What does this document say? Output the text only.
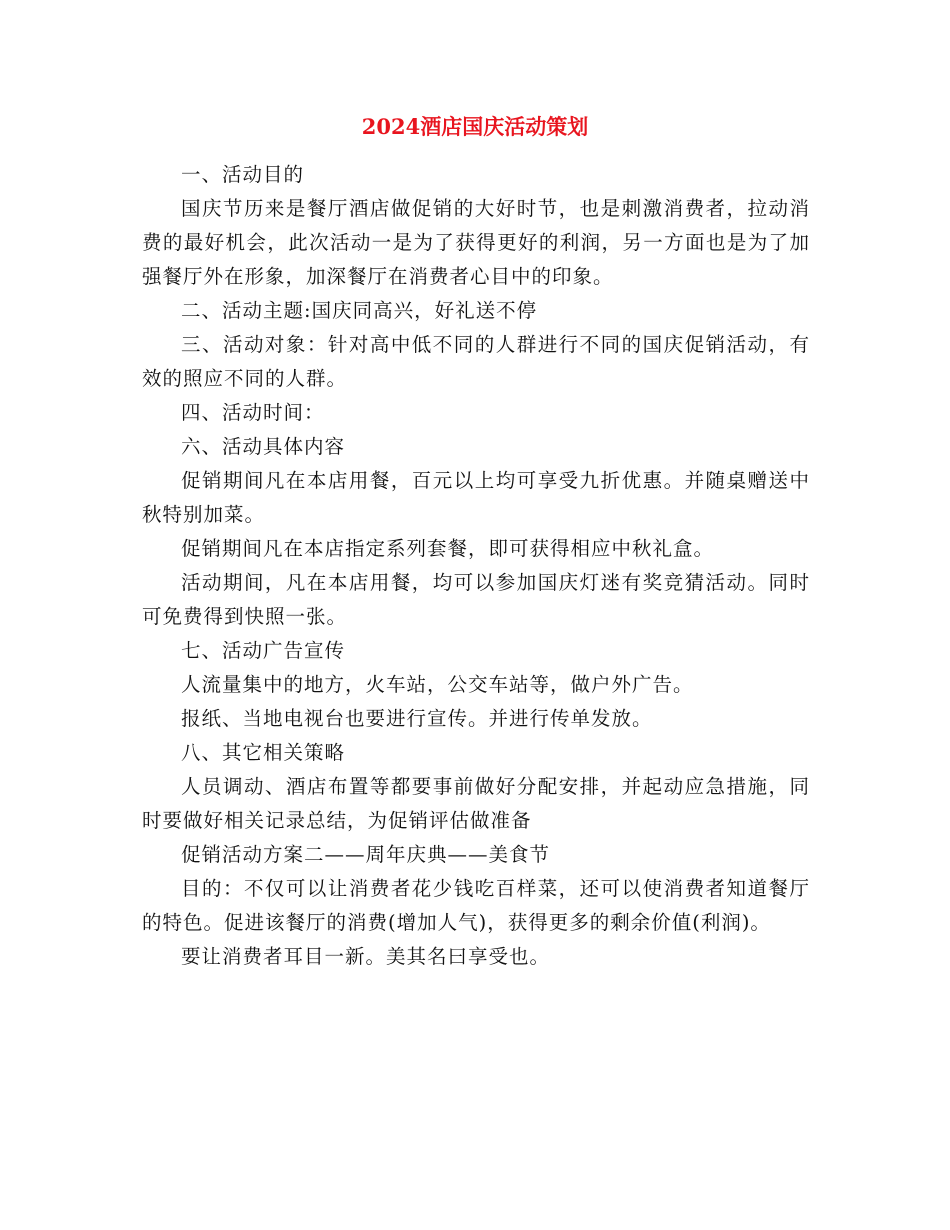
2024酒店国庆活动策划

一、活动目的

国庆节历来是餐厅酒店做促销的大好时节，也是刺激消费者，拉动消费的最好机会，此次活动一是为了获得更好的利润，另一方面也是为了加强餐厅外在形象，加深餐厅在消费者心目中的印象。

二、活动主题:国庆同高兴，好礼送不停

三、活动对象：针对高中低不同的人群进行不同的国庆促销活动，有效的照应不同的人群。

四、活动时间：

六、活动具体内容

促销期间凡在本店用餐，百元以上均可享受九折优惠。并随桌赠送中秋特别加菜。

促销期间凡在本店指定系列套餐，即可获得相应中秋礼盒。

活动期间，凡在本店用餐，均可以参加国庆灯迷有奖竞猜活动。同时可免费得到快照一张。

七、活动广告宣传

人流量集中的地方，火车站，公交车站等，做户外广告。

报纸、当地电视台也要进行宣传。并进行传单发放。

八、其它相关策略

人员调动、酒店布置等都要事前做好分配安排，并起动应急措施，同时要做好相关记录总结，为促销评估做准备

促销活动方案二——周年庆典——美食节

目的：不仅可以让消费者花少钱吃百样菜，还可以使消费者知道餐厅的特色。促进该餐厅的消费(增加人气)，获得更多的剩余价值(利润)。

要让消费者耳目一新。美其名曰享受也。
